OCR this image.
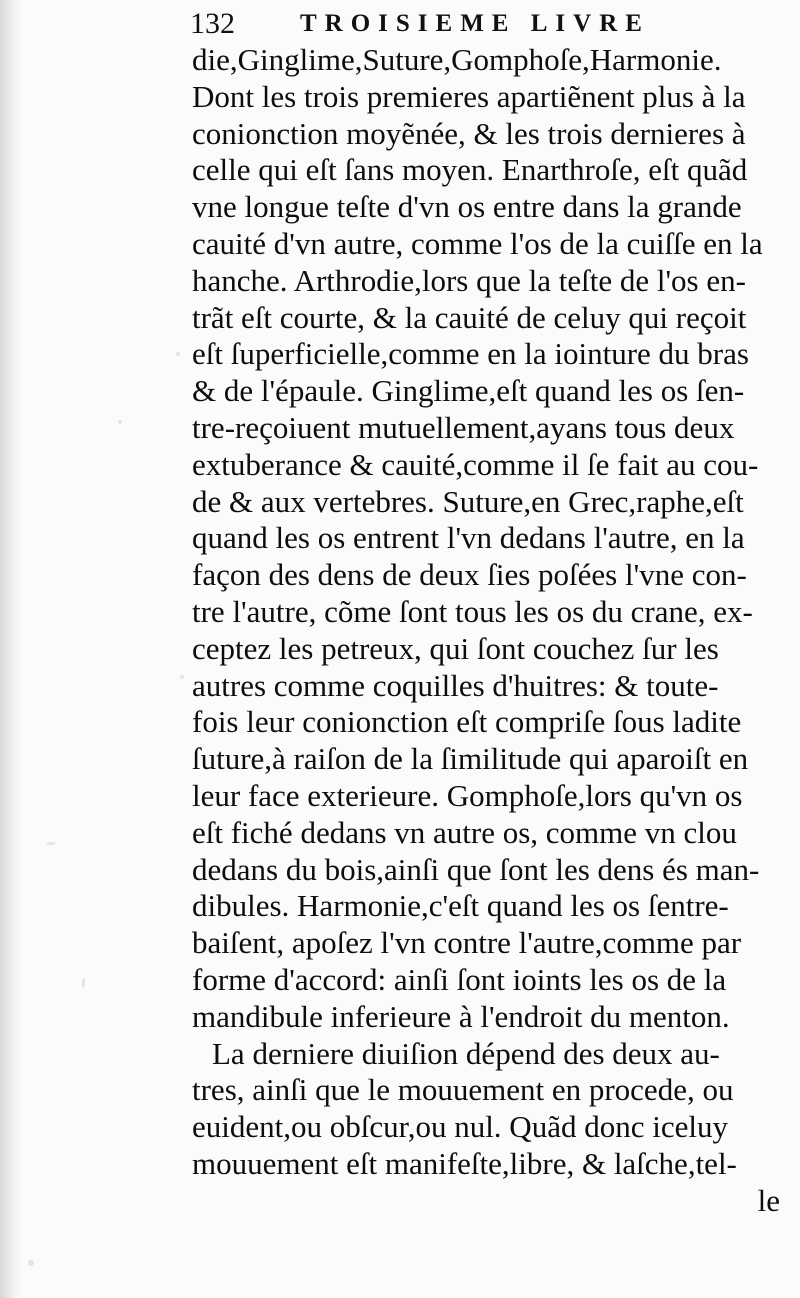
132	TROISIEME LIVRE
die,Ginglime,Suture,Gomphoſe,Harmonie.
Dont les trois premieres apartiẽnent plus à la
conionction moyẽnée, & les trois dernieres à
celle qui eſt ſans moyen. Enarthroſe, eſt quãd
vne longue teſte d'vn os entre dans la grande
cauité d'vn autre, comme l'os de la cuiſſe en la
hanche. Arthrodie,lors que la teſte de l'os en-
trãt eſt courte, & la cauité de celuy qui reçoit
eſt ſuperficielle,comme en la iointure du bras
& de l'épaule. Ginglime,eſt quand les os ſen-
tre-reçoiuent mutuellement,ayans tous deux
extuberance & cauité,comme il ſe fait au cou-
de & aux vertebres. Suture,en Grec,raphe,eſt
quand les os entrent l'vn dedans l'autre, en la
façon des dens de deux ſies poſées l'vne con-
tre l'autre, cõme ſont tous les os du crane, ex-
ceptez les petreux, qui ſont couchez ſur les
autres comme coquilles d'huitres: & toute-
fois leur conionction eſt compriſe ſous ladite
ſuture,à raiſon de la ſimilitude qui aparoiſt en
leur face exterieure. Gomphoſe,lors qu'vn os
eſt fiché dedans vn autre os, comme vn clou
dedans du bois,ainſi que ſont les dens és man-
dibules. Harmonie,c'eſt quand les os ſentre-
baiſent, apoſez l'vn contre l'autre,comme par
forme d'accord: ainſi ſont ioints les os de la
mandibule inferieure à l'endroit du menton.
La derniere diuiſion dépend des deux au-
tres, ainſi que le mouuement en procede, ou
euident,ou obſcur,ou nul. Quãd donc iceluy
mouuement eſt manifeſte,libre, & laſche,tel-
le
